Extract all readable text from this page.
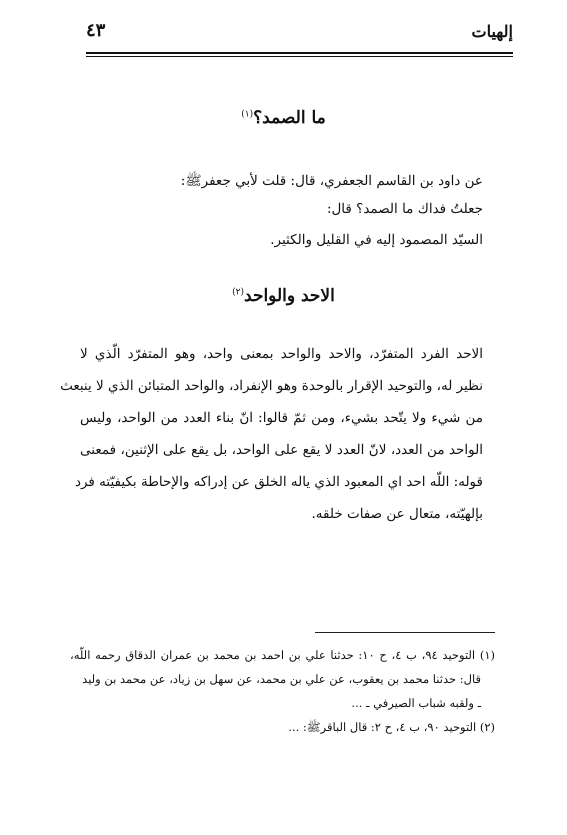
إلهيات
٤٣
ما الصمد؟$^{(١)}$
عن داود بن القاسم الجعفري، قال: قلت لأبي جعفرﷺ:
جعلتُ فداك ما الصمد؟ قال:
السيّد المصمود إليه في القليل والكثير.
الاحد والواحد$^{(٢)}$
الاحد الفرد المتفرّد، والاحد والواحد بمعنى واحد، وهو المتفرّد الّذي لا
نظير له، والتوحيد الإقرار بالوحدة وهو الإنفراد، والواحد المتبائن الذي لا ينبعث
من شيء ولا يتّحد بشيء، ومن ثمّ قالوا: انّ بناء العدد من الواحد، وليس
الواحد من العدد، لانّ العدد لا يقع على الواحد، بل يقع على الإثنين، فمعنى
قوله: اللّه احد اي المعبود الذي ياله الخلق عن إدراكه والإحاطة بكيفيّته فرد
بإلهيّته، متعال عن صفات خلقه.
(١) التوحيد ٩٤، ب ٤، ح ١٠: حدثنا علي بن احمد بن محمد بن عمران الدقاق رحمه اللّه،
قال: حدثنا محمد بن يعقوب، عن علي بن محمد، عن سهل بن زياد، عن محمد بن وليد
ـ ولقبه شباب الصيرفي ـ ...
(٢) التوحيد ٩٠، ب ٤، ح ٢: قال الباقرﷺ: ...
